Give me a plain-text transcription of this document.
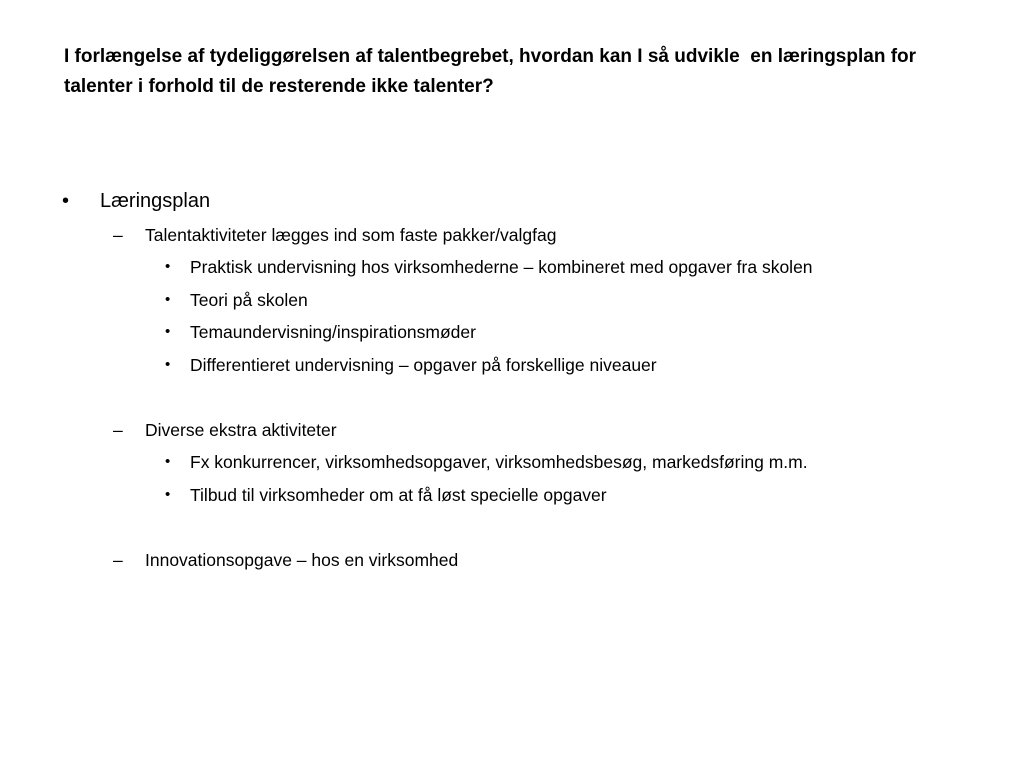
I forlængelse af tydeliggørelsen af talentbegrebet, hvordan kan I så udvikle  en læringsplan for talenter i forhold til de resterende ikke talenter?
• Læringsplan
– Talentaktiviteter lægges ind som faste pakker/valgfag
• Praktisk undervisning hos virksomhederne – kombineret med opgaver fra skolen
• Teori på skolen
• Temaundervisning/inspirationsmøder
• Differentieret undervisning – opgaver på forskellige niveauer
– Diverse ekstra aktiviteter
• Fx konkurrencer, virksomhedsopgaver, virksomhedsbesøg, markedsføring m.m.
• Tilbud til virksomheder om at få løst specielle opgaver
– Innovationsopgave – hos en virksomhed
